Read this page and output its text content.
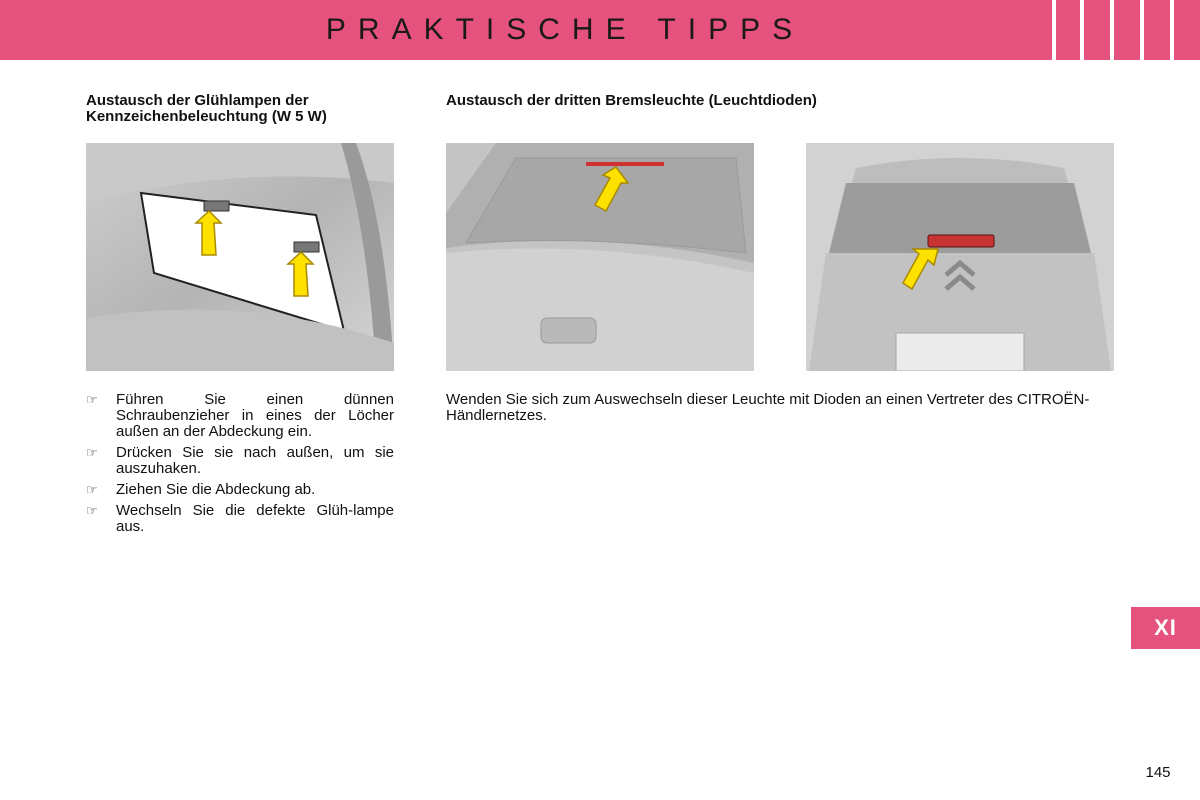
PRAKTISCHE TIPPS
Austausch der Glühlampen der Kennzeichenbeleuchtung (W 5 W)
Austausch der dritten Bremsleuchte (Leuchtdioden)
☞ Führen Sie einen dünnen Schraubenzieher in eines der Löcher außen an der Abdeckung ein.
☞ Drücken Sie sie nach außen, um sie auszuhaken.
☞ Ziehen Sie die Abdeckung ab.
☞ Wechseln Sie die defekte Glüh-lampe aus.
Wenden Sie sich zum Auswechseln dieser Leuchte mit Dioden an einen Vertreter des CITROËN-Händlernetzes.
XI
145
